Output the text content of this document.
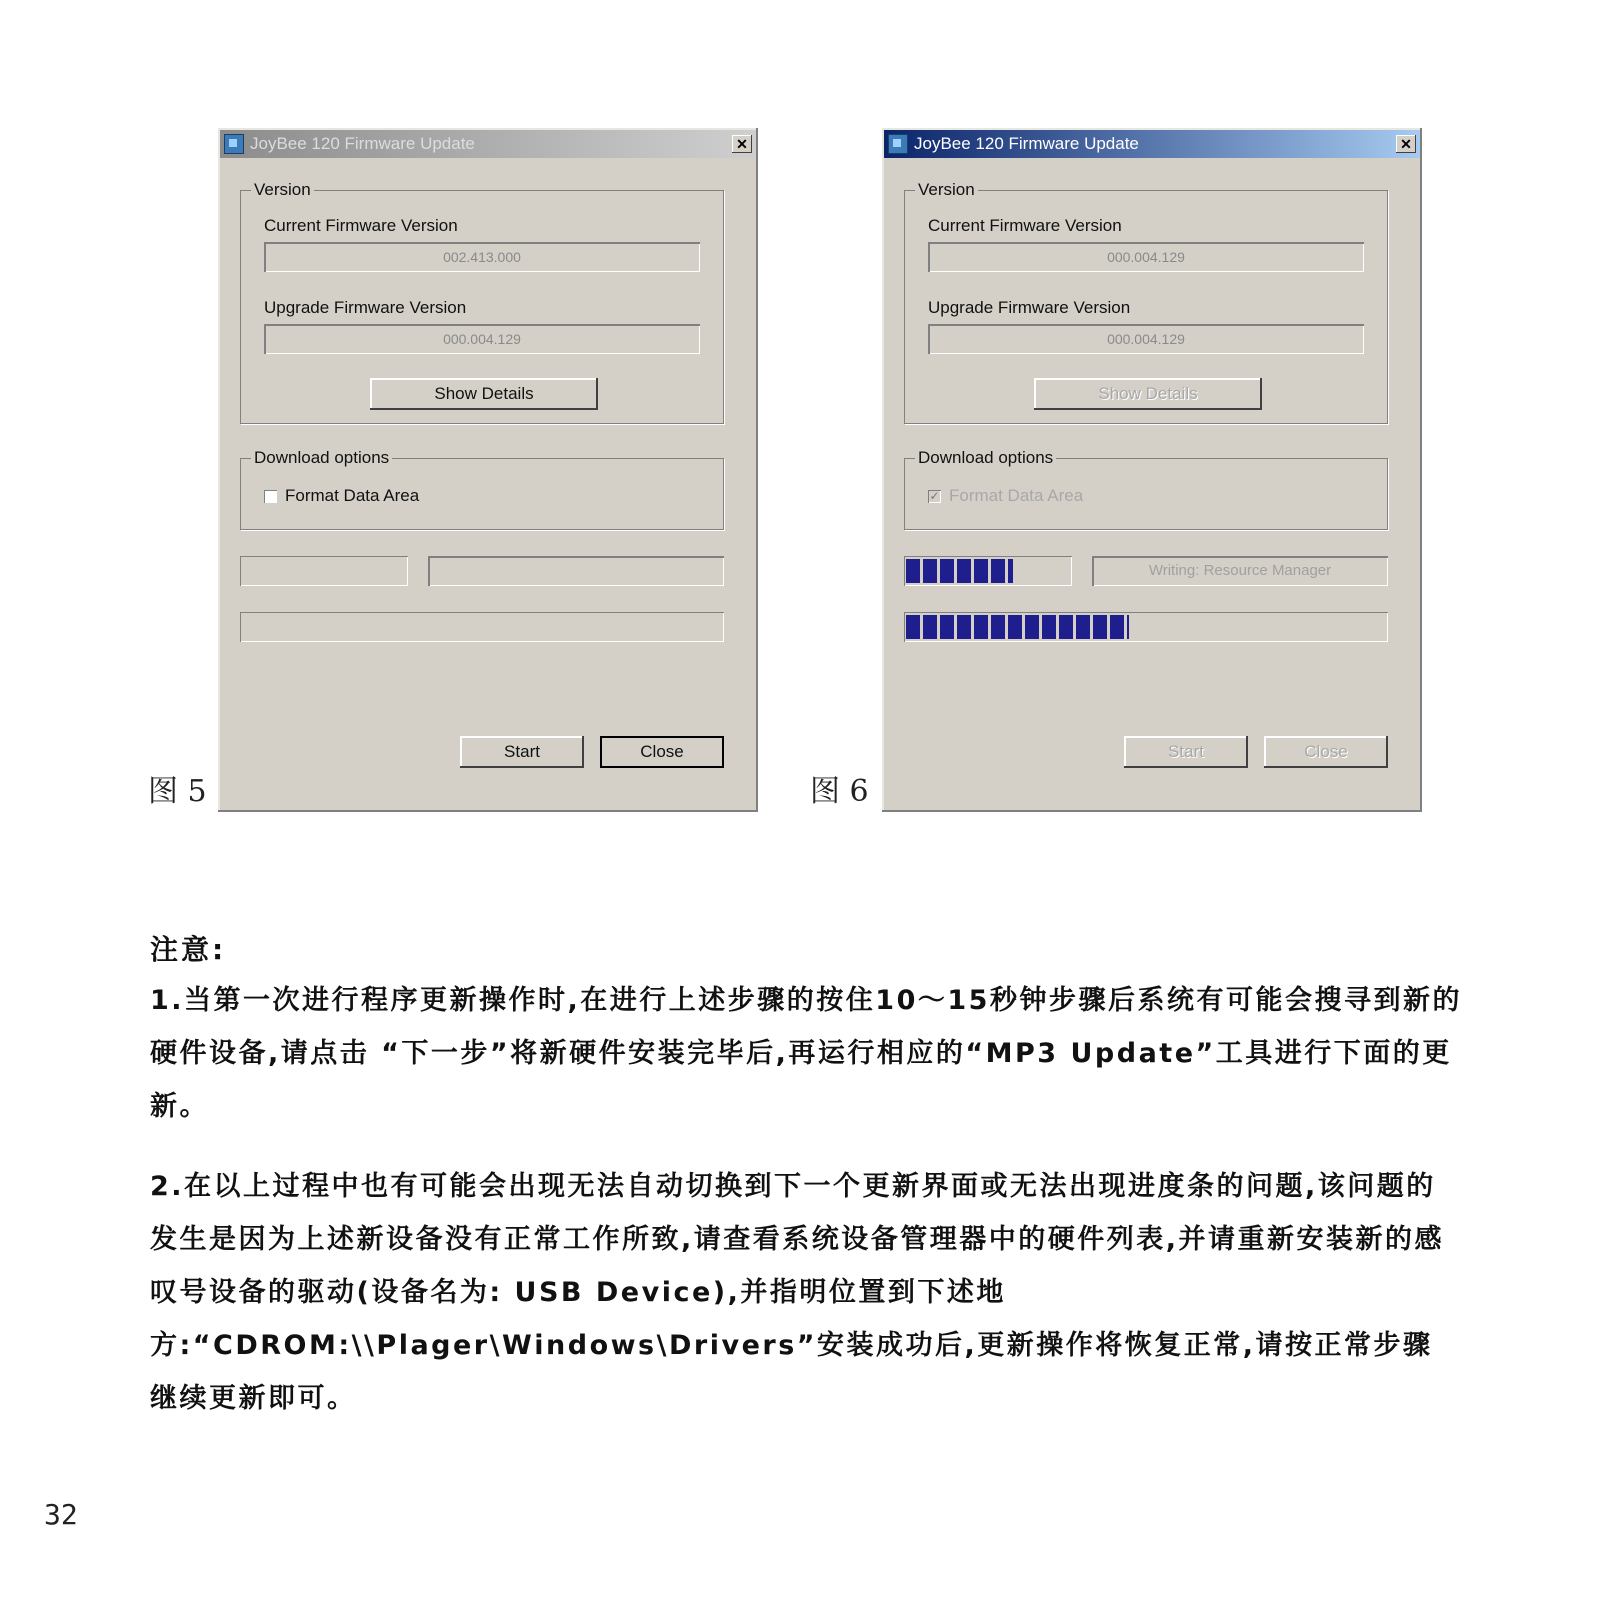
图 5
JoyBee 120 Firmware Update	✕
Version
Current Firmware Version
002.413.000
Upgrade Firmware Version
000.004.129
Show Details
Download options
Format Data Area
Start	Close
图 6
JoyBee 120 Firmware Update	✕
Version
Current Firmware Version
000.004.129
Upgrade Firmware Version
000.004.129
Show Details
Download options
✓ Format Data Area
Writing: Resource Manager
Start	Close
注意:

1.当第一次进行程序更新操作时,在进行上述步骤的按住10～15秒钟步骤后系统有可能会搜寻到新的硬件设备,请点击 “下一步”将新硬件安装完毕后,再运行相应的“MP3 Update”工具进行下面的更新。

2.在以上过程中也有可能会出现无法自动切换到下一个更新界面或无法出现进度条的问题,该问题的发生是因为上述新设备没有正常工作所致,请查看系统设备管理器中的硬件列表,并请重新安装新的感叹号设备的驱动(设备名为: USB Device),并指明位置到下述地方:“CDROM:\\Plager\Windows\Drivers”安装成功后,更新操作将恢复正常,请按正常步骤继续更新即可。

32
